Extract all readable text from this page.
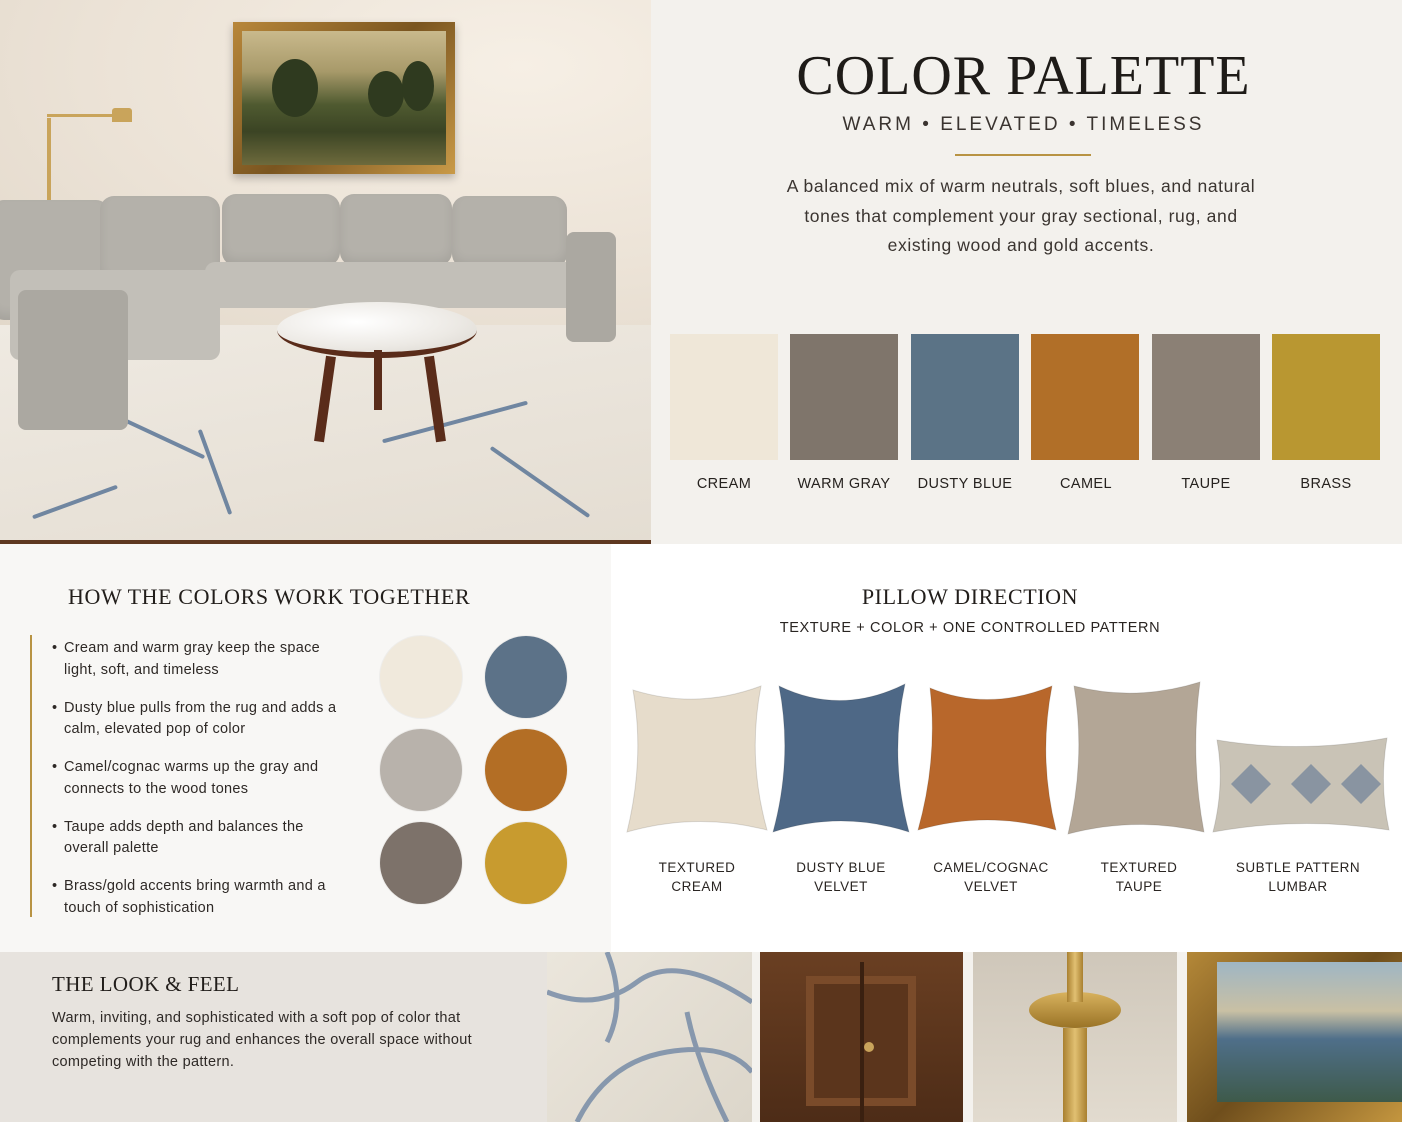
COLOR PALETTE
WARM • ELEVATED • TIMELESS
A balanced mix of warm neutrals, soft blues, and natural tones that complement your gray sectional, rug, and existing wood and gold accents.
CREAM	WARM GRAY	DUSTY BLUE	CAMEL	TAUPE	BRASS
HOW THE COLORS WORK TOGETHER
• Cream and warm gray keep the space light, soft, and timeless
• Dusty blue pulls from the rug and adds a calm, elevated pop of color
• Camel/cognac warms up the gray and connects to the wood tones
• Taupe adds depth and balances the overall palette
• Brass/gold accents bring warmth and a touch of sophistication
PILLOW DIRECTION
TEXTURE + COLOR + ONE CONTROLLED PATTERN
TEXTURED
CREAM
DUSTY BLUE
VELVET
CAMEL/COGNAC
VELVET
TEXTURED
TAUPE
SUBTLE PATTERN
LUMBAR
THE LOOK & FEEL
Warm, inviting, and sophisticated with a soft pop of color that complements your rug and enhances the overall space without competing with the pattern.
